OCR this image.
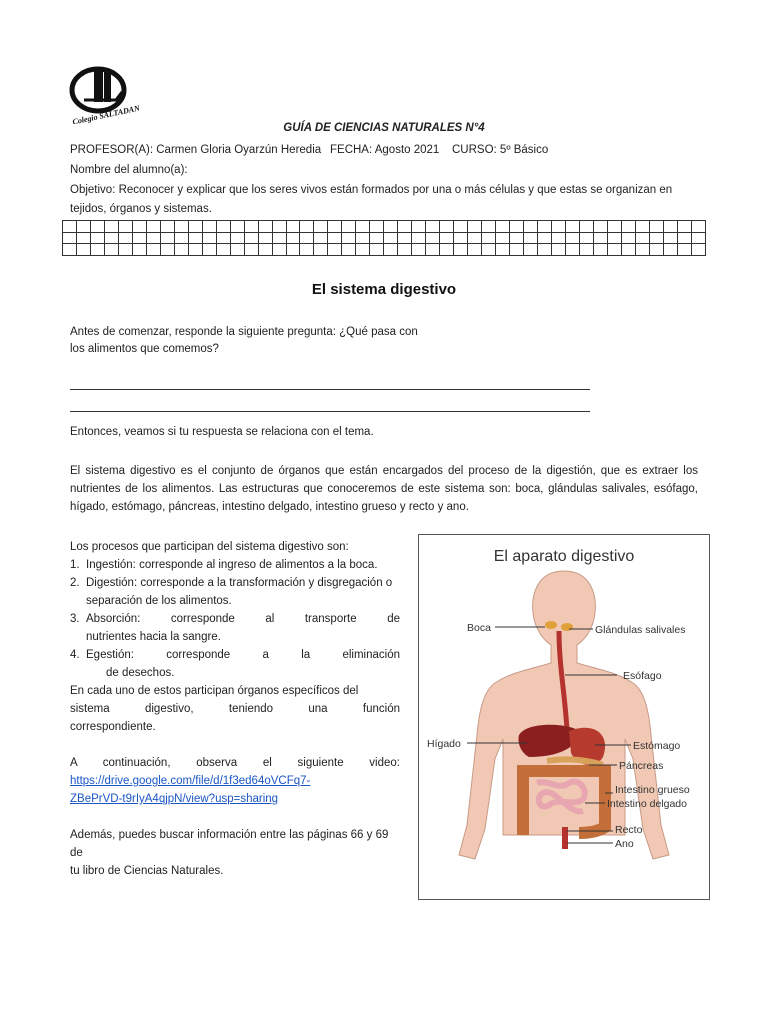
Colegio SALTADAN
GUÍA DE CIENCIAS NATURALES N°4
PROFESOR(A): Carmen Gloria Oyarzún Heredia FECHA: Agosto 2021 CURSO: 5º Básico
Nombre del alumno(a):
Objetivo: Reconocer y explicar que los seres vivos están formados por una o más células y que estas se organizan en
tejidos, órganos y sistemas.

El sistema digestivo
Antes de comenzar, responde la siguiente pregunta: ¿Qué pasa con
los alimentos que comemos?
Entonces, veamos si tu respuesta se relaciona con el tema.
El sistema digestivo es el conjunto de órganos que están encargados del proceso de la digestión, que es extraer los nutrientes de los alimentos. Las estructuras que conoceremos de este sistema son: boca, glándulas salivales, esófago, hígado, estómago, páncreas, intestino delgado, intestino grueso y recto y ano.

Los procesos que participan del sistema digestivo son:

1. Ingestión: corresponde al ingreso de alimentos a la boca.
2. Digestión: corresponde a la transformación y disgregación o
separación de los alimentos.
3. Absorción: corresponde al transporte de
nutrientes hacia la sangre.
4. Egestión: corresponde a la eliminación
de desechos.

En cada uno de estos participan órganos específicos del

sistema digestivo, teniendo una función

correspondiente.

A continuación, observa el siguiente video:

https://drive.google.com/file/d/1f3ed64oVCFq7-

ZBePrVD-t9rIyA4qjpN/view?usp=sharing

Además, puedes buscar información entre las páginas 66 y 69 de

tu libro de Ciencias Naturales.

El aparato digestivo
Boca	Glándulas salivales
Esófago
Hígado	Estómago
Páncreas
Intestino grueso
Intestino delgado
Recto
Ano
